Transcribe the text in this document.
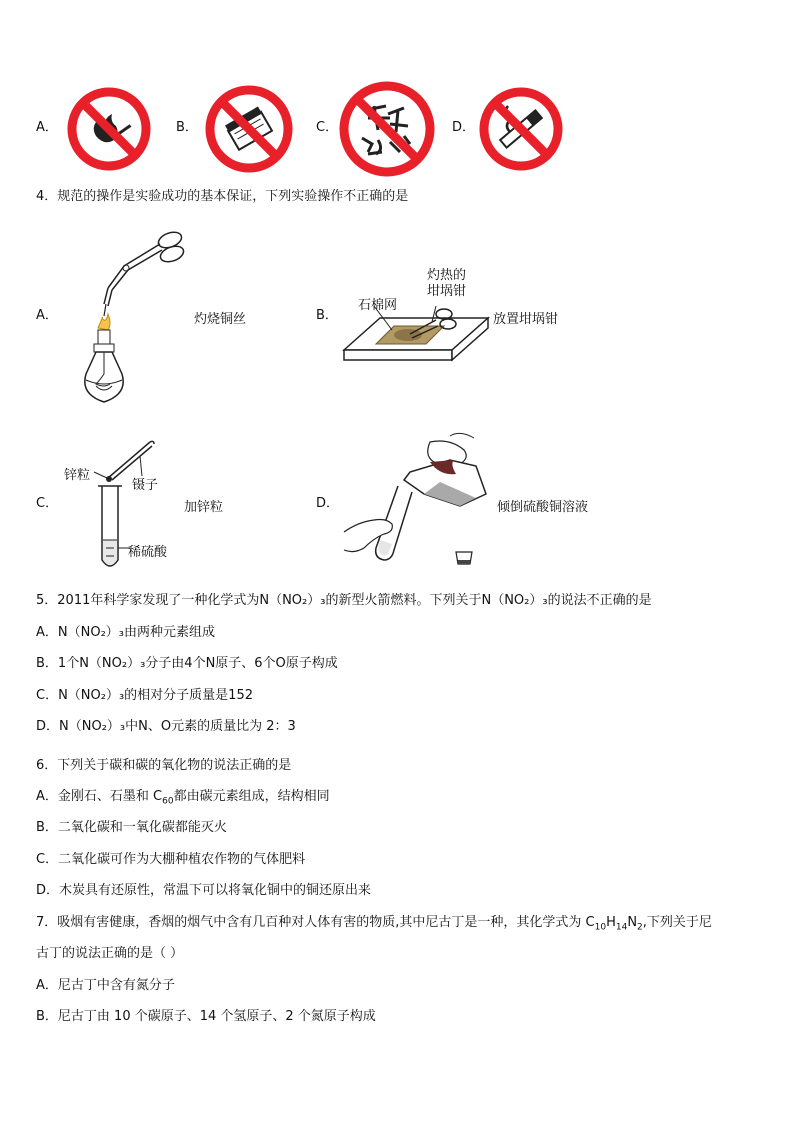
A．	B．	C．	D．
4．规范的操作是实验成功的基本保证，下列实验操作不正确的是
A．	灼烧铜丝	B．
灼热的
坩埚钳
石棉网
放置坩埚钳
C．
锌粒
镊子
稀硫酸
加锌粒	D．	倾倒硫酸铜溶液
5．2011年科学家发现了一种化学式为N（NO₂）₃的新型火箭燃料。下列关于N（NO₂）₃的说法不正确的是
A．N（NO₂）₃由两种元素组成
B．1个N（NO₂）₃分子由4个N原子、6个O原子构成
C．N（NO₂）₃的相对分子质量是152
D．N（NO₂）₃中N、O元素的质量比为 2：3
6．下列关于碳和碳的氧化物的说法正确的是
A．金刚石、石墨和 $C_{60}$都由碳元素组成，结构相同
B．二氧化碳和一氧化碳都能灭火
C．二氧化碳可作为大棚种植农作物的气体肥料
D．木炭具有还原性，常温下可以将氧化铜中的铜还原出来
7．吸烟有害健康，香烟的烟气中含有几百种对人体有害的物质,其中尼古丁是一种，其化学式为 $C_{10}H_{14}N_2$,下列关于尼
古丁的说法正确的是（ ）
A．尼古丁中含有氮分子
B．尼古丁由 10 个碳原子、14 个氢原子、2 个氮原子构成
